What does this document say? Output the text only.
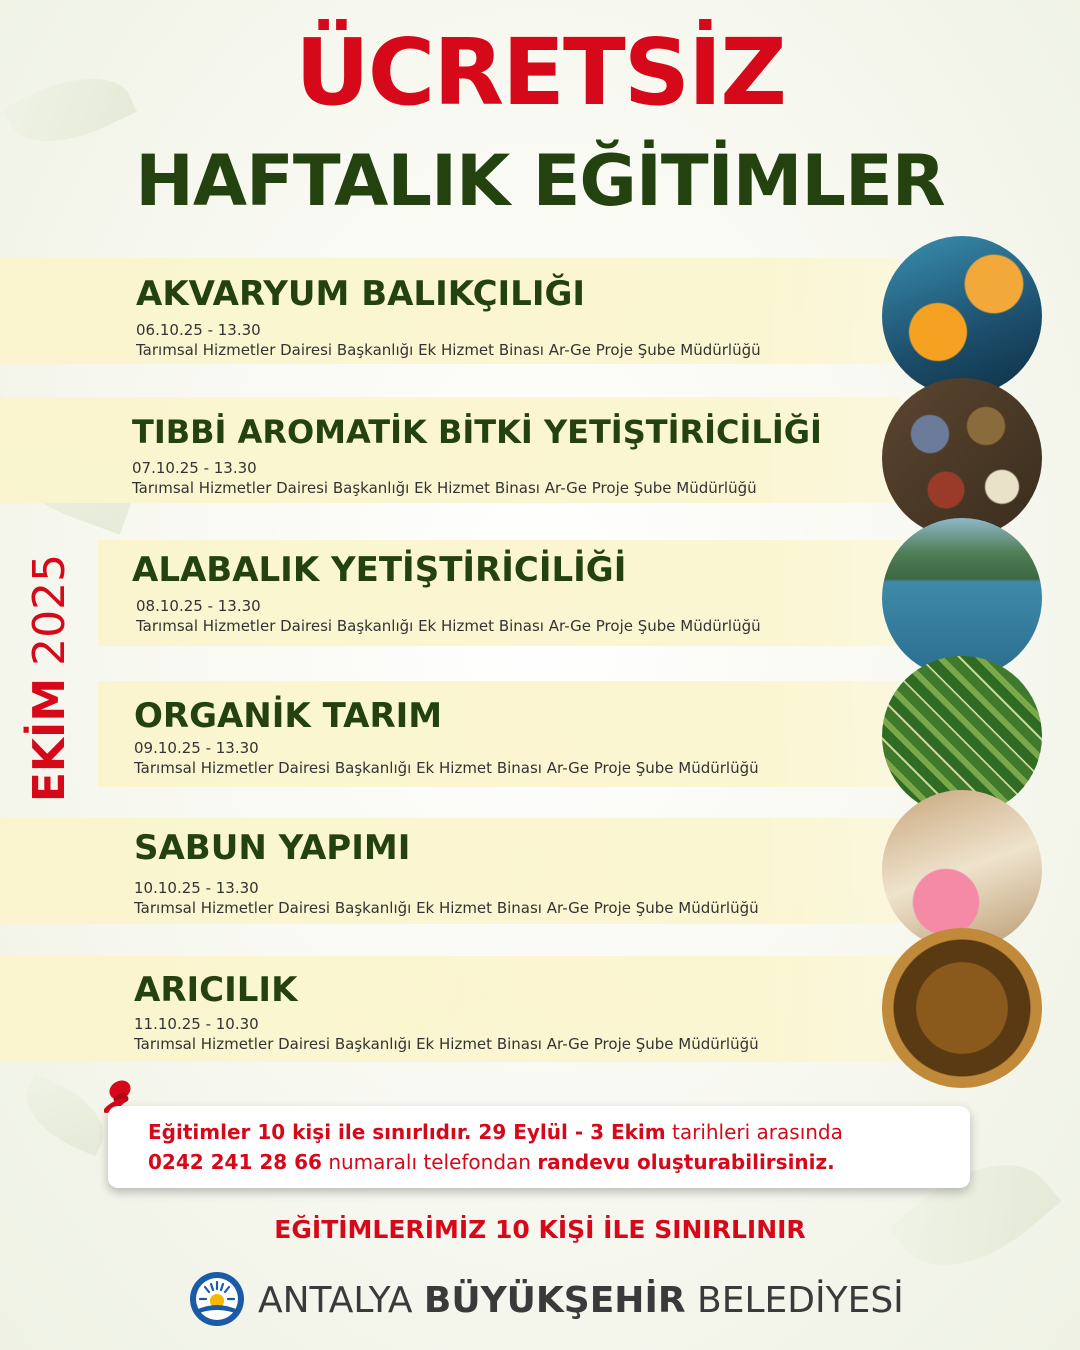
ÜCRETSİZ
HAFTALIK EĞİTİMLER
EKİM2025
AKVARYUM BALIKÇILIĞI
06.10.25 - 13.30
Tarımsal Hizmetler Dairesi Başkanlığı Ek Hizmet Binası Ar-Ge Proje Şube Müdürlüğü
TIBBİ AROMATİK BİTKİ YETİŞTİRİCİLİĞİ
07.10.25 - 13.30
Tarımsal Hizmetler Dairesi Başkanlığı Ek Hizmet Binası Ar-Ge Proje Şube Müdürlüğü
ALABALIK YETİŞTİRİCİLİĞİ
08.10.25 - 13.30
Tarımsal Hizmetler Dairesi Başkanlığı Ek Hizmet Binası Ar-Ge Proje Şube Müdürlüğü
ORGANİK TARIM
09.10.25 - 13.30
Tarımsal Hizmetler Dairesi Başkanlığı Ek Hizmet Binası Ar-Ge Proje Şube Müdürlüğü
SABUN YAPIMI
10.10.25 - 13.30
Tarımsal Hizmetler Dairesi Başkanlığı Ek Hizmet Binası Ar-Ge Proje Şube Müdürlüğü
ARICILIK
11.10.25 - 10.30
Tarımsal Hizmetler Dairesi Başkanlığı Ek Hizmet Binası Ar-Ge Proje Şube Müdürlüğü

Eğitimler 10 kişi ile sınırlıdır. 29 Eylül - 3 Ekim tarihleri arasında

0242 241 28 66 numaralı telefondan randevu oluşturabilirsiniz.

EĞİTİMLERİMİZ 10 KİŞİ İLE SINIRLINIR
ANTALYA BÜYÜKŞEHİR BELEDİYESİ
